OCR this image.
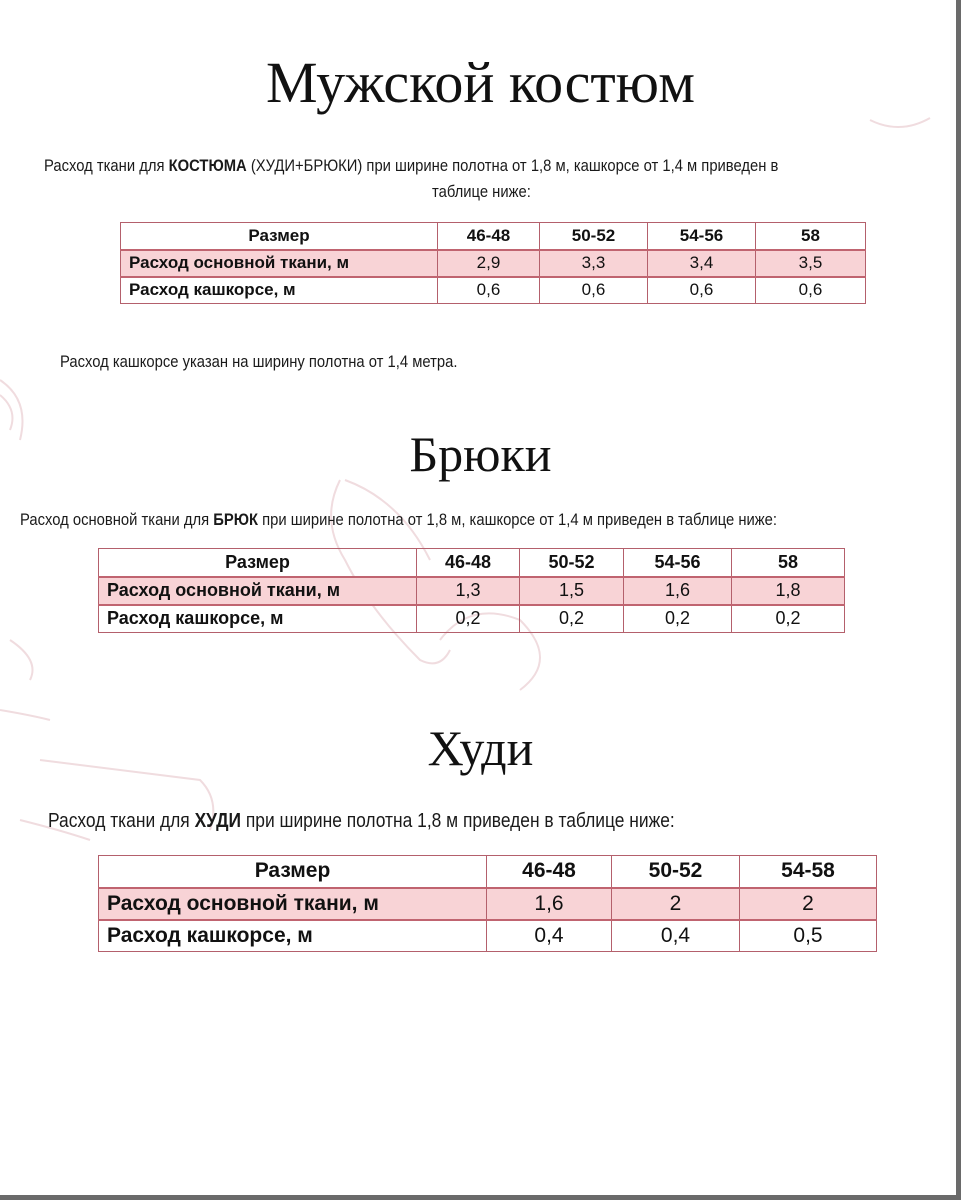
Мужской костюм

Расход ткани для КОСТЮМА (ХУДИ+БРЮКИ) при ширине полотна от 1,8 м, кашкорсе от 1,4 м приведен в

таблице ниже:

Размер	46-48	50-52	54-56	58
Расход основной ткани, м	2,9	3,3	3,4	3,5
Расход кашкорсе, м	0,6	0,6	0,6	0,6

Расход кашкорсе указан на ширину полотна от 1,4 метра.

Брюки

Расход основной ткани для БРЮК при ширине полотна от 1,8 м, кашкорсе от 1,4 м приведен в таблице ниже:

Размер	46-48	50-52	54-56	58
Расход основной ткани, м	1,3	1,5	1,6	1,8
Расход кашкорсе, м	0,2	0,2	0,2	0,2
Худи

Расход ткани для ХУДИ при ширине полотна 1,8 м приведен в таблице ниже:

Размер	46-48	50-52	54-58
Расход основной ткани, м	1,6	2	2
Расход кашкорсе, м	0,4	0,4	0,5
